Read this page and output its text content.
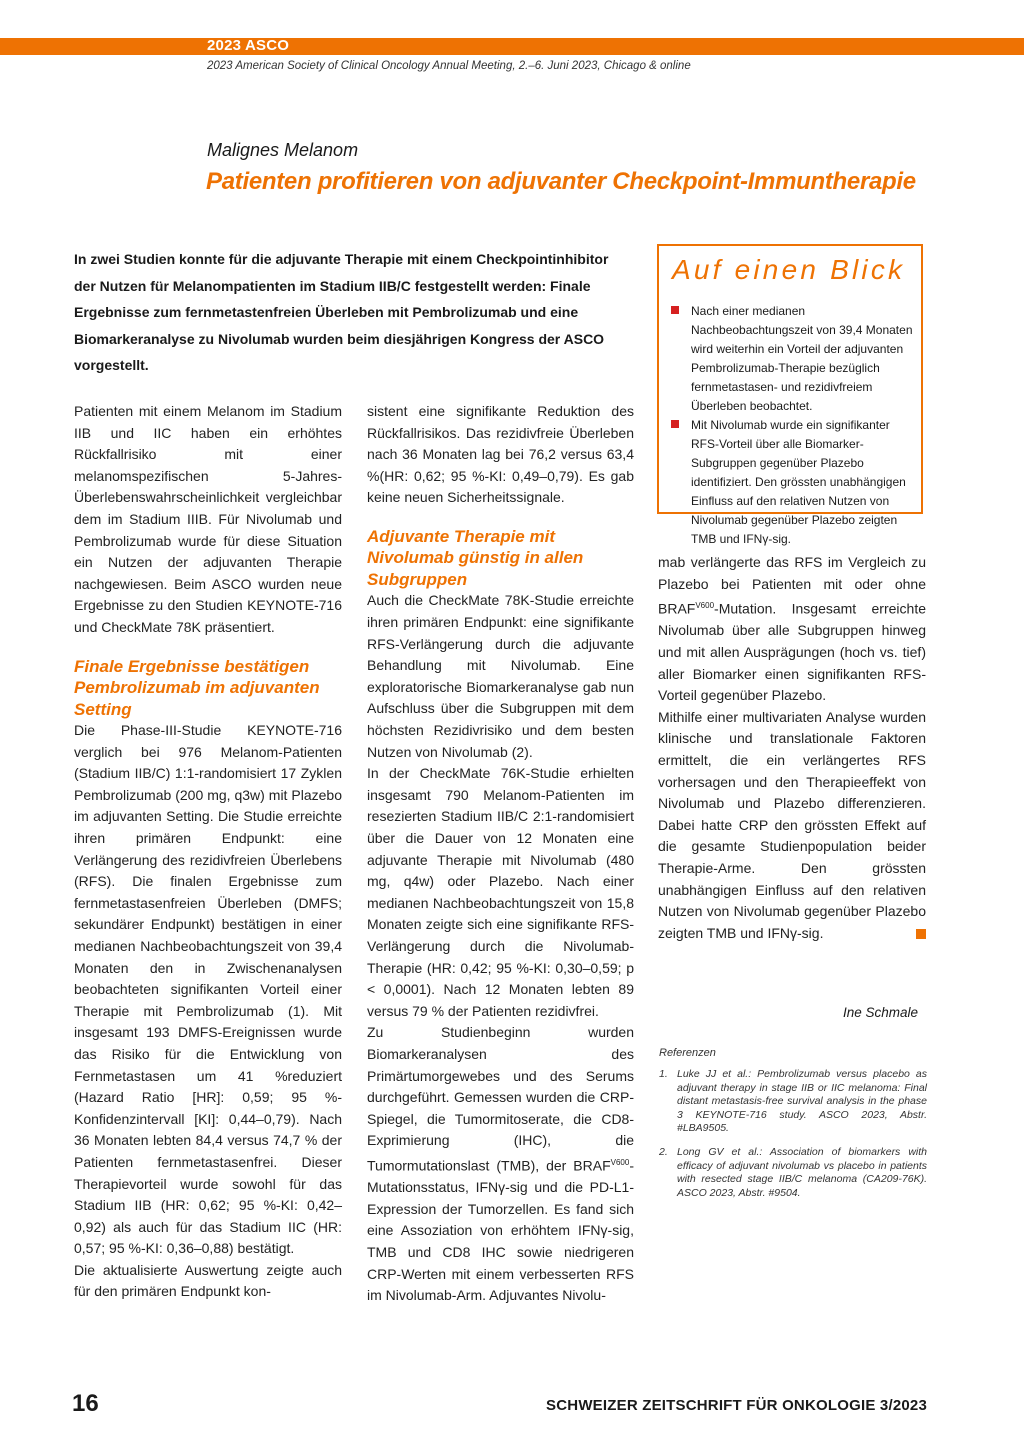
2023 ASCO
2023 American Society of Clinical Oncology Annual Meeting, 2.–6. Juni 2023, Chicago & online
Malignes Melanom
Patienten profitieren von adjuvanter Checkpoint-Immuntherapie
In zwei Studien konnte für die adjuvante Therapie mit einem Checkpointinhibitor der Nutzen für Melanompatienten im Stadium IIB/C festgestellt werden: Finale Ergebnisse zum fernmetastenfreien Überleben mit Pembrolizumab und eine Biomarkeranalyse zu Nivolumab wurden beim diesjährigen Kongress der ASCO vorgestellt.
Auf einen Blick
Nach einer medianen Nachbeobachtungszeit von 39,4 Monaten wird weiterhin ein Vorteil der adjuvanten Pembrolizumab-Therapie bezüglich fernmetastasen- und rezidivfreiem Überleben beobachtet.
Mit Nivolumab wurde ein signifikanter RFS-Vorteil über alle Biomarker-Subgruppen gegenüber Plazebo identifiziert. Den grössten unabhängigen Einfluss auf den relativen Nutzen von Nivolumab gegenüber Plazebo zeigten TMB und IFNγ-sig.

Patienten mit einem Melanom im Stadium IIB und IIC haben ein erhöhtes Rückfallrisiko mit einer melanomspezifischen 5-Jahres-Überlebenswahrscheinlichkeit vergleichbar dem im Stadium IIIB. Für Nivolumab und Pembrolizumab wurde für diese Situation ein Nutzen der adjuvanten Therapie nachgewiesen. Beim ASCO wurden neue Ergebnisse zu den Studien KEYNOTE-716 und CheckMate 78K präsentiert.

Finale Ergebnisse bestätigen Pembrolizumab im adjuvanten Setting

Die Phase-III-Studie KEYNOTE-716 verglich bei 976 Melanom-Patienten (Stadium IIB/C) 1:1-randomisiert 17 Zyklen Pembrolizumab (200 mg, q3w) mit Plazebo im adjuvanten Setting. Die Studie erreichte ihren primären Endpunkt: eine Verlängerung des rezidivfreien Überlebens (RFS). Die finalen Ergebnisse zum fernmetastasenfreien Überleben (DMFS; sekundärer Endpunkt) bestätigen in einer medianen Nachbeobachtungszeit von 39,4 Monaten den in Zwischenanalysen beobachteten signifikanten Vorteil einer Therapie mit Pembrolizumab (1). Mit insgesamt 193 DMFS-Ereignissen wurde das Risiko für die Entwicklung von Fernmetastasen um 41 %reduziert (Hazard Ratio [HR]: 0,59; 95 %-Konfidenzintervall [KI]: 0,44–0,79). Nach 36 Monaten lebten 84,4 versus 74,7 % der Patienten fernmetastasenfrei. Dieser Therapievorteil wurde sowohl für das Stadium IIB (HR: 0,62; 95 %-KI: 0,42–0,92) als auch für das Stadium IIC (HR: 0,57; 95 %-KI: 0,36–0,88) bestätigt.

Die aktualisierte Auswertung zeigte auch für den primären Endpunkt kon-

sistent eine signifikante Reduktion des Rückfallrisikos. Das rezidivfreie Überleben nach 36 Monaten lag bei 76,2 versus 63,4 %(HR: 0,62; 95 %-KI: 0,49–0,79). Es gab keine neuen Sicherheitssignale.

Adjuvante Therapie mit Nivolumab günstig in allen Subgruppen

Auch die CheckMate 78K-Studie erreichte ihren primären Endpunkt: eine signifikante RFS-Verlängerung durch die adjuvante Behandlung mit Nivolumab. Eine exploratorische Biomarkeranalyse gab nun Aufschluss über die Subgruppen mit dem höchsten Rezidivrisiko und dem besten Nutzen von Nivolumab (2).

In der CheckMate 76K-Studie erhielten insgesamt 790 Melanom-Patienten im resezierten Stadium IIB/C 2:1-randomisiert über die Dauer von 12 Monaten eine adjuvante Therapie mit Nivolumab (480 mg, q4w) oder Plazebo. Nach einer medianen Nachbeobachtungszeit von 15,8 Monaten zeigte sich eine signifikante RFS-Verlängerung durch die Nivolumab-Therapie (HR: 0,42; 95 %-KI: 0,30–0,59; p < 0,0001). Nach 12 Monaten lebten 89 versus 79 % der Patienten rezidivfrei.

Zu Studienbeginn wurden Biomarkeranalysen des Primärtumorgewebes und des Serums durchgeführt. Gemessen wurden die CRP-Spiegel, die Tumormitoserate, die CD8-Exprimierung (IHC), die Tumormutationslast (TMB), der $BRAF^{V600}$-Mutationsstatus, IFNγ-sig und die PD-L1-Expression der Tumorzellen. Es fand sich eine Assoziation von erhöhtem IFNγ-sig, TMB und CD8 IHC sowie niedrigeren CRP-Werten mit einem verbesserten RFS im Nivolumab-Arm. Adjuvantes Nivolu-

mab verlängerte das RFS im Vergleich zu Plazebo bei Patienten mit oder ohne $BRAF^{V600}$-Mutation. Insgesamt erreichte Nivolumab über alle Subgruppen hinweg und mit allen Ausprägungen (hoch vs. tief) aller Biomarker einen signifikanten RFS-Vorteil gegenüber Plazebo.

Mithilfe einer multivariaten Analyse wurden klinische und translationale Faktoren ermittelt, die ein verlängertes RFS vorhersagen und den Therapieeffekt von Nivolumab und Plazebo differenzieren. Dabei hatte CRP den grössten Effekt auf die gesamte Studienpopulation beider Therapie-Arme. Den grössten unabhängigen Einfluss auf den relativen Nutzen von Nivolumab gegenüber Plazebo zeigten TMB und IFNγ-sig.

Ine Schmale
Referenzen
1. Luke JJ et al.: Pembrolizumab versus placebo as adjuvant therapy in stage IIB or IIC melanoma: Final distant metastasis-free survival analysis in the phase 3 KEYNOTE-716 study. ASCO 2023, Abstr. #LBA9505.
2. Long GV et al.: Association of biomarkers with efficacy of adjuvant nivolumab vs placebo in patients with resected stage IIB/C melanoma (CA209-76K). ASCO 2023, Abstr. #9504.
16	SCHWEIZER ZEITSCHRIFT FÜR ONKOLOGIE 3/2023
